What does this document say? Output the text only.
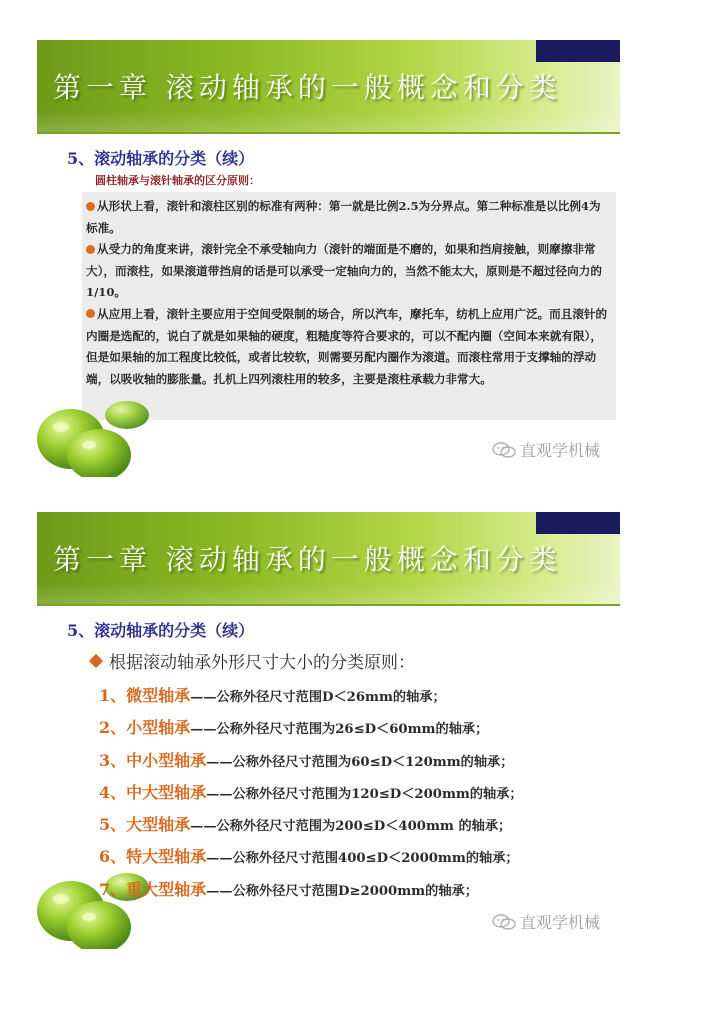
第一章 滚动轴承的一般概念和分类
5、滚动轴承的分类（续）
圆柱轴承与滚针轴承的区分原则：

从形状上看，滚针和滚柱区别的标准有两种：第一就是比例2.5为分界点。第二种标准是以比例4为标准。

从受力的角度来讲，滚针完全不承受轴向力（滚针的端面是不磨的，如果和挡肩接触，则摩擦非常大），而滚柱，如果滚道带挡肩的话是可以承受一定轴向力的，当然不能太大，原则是不超过径向力的1/10。

从应用上看，滚针主要应用于空间受限制的场合，所以汽车，摩托车，纺机上应用广泛。而且滚针的内圈是选配的，说白了就是如果轴的硬度，粗糙度等符合要求的，可以不配内圈（空间本来就有限），但是如果轴的加工程度比较低，或者比较软，则需要另配内圈作为滚道。而滚柱常用于支撑轴的浮动端，以吸收轴的膨胀量。扎机上四列滚柱用的较多，主要是滚柱承载力非常大。

直观学机械
第一章 滚动轴承的一般概念和分类
5、滚动轴承的分类（续）
根据滚动轴承外形尺寸大小的分类原则：
1、微型轴承——公称外径尺寸范围D＜26mm的轴承；
2、小型轴承——公称外径尺寸范围为26≤D＜60mm的轴承；
3、中小型轴承——公称外径尺寸范围为60≤D＜120mm的轴承；
4、中大型轴承——公称外径尺寸范围为120≤D＜200mm的轴承；
5、大型轴承——公称外径尺寸范围为200≤D＜400mm 的轴承；
6、特大型轴承——公称外径尺寸范围400≤D＜2000mm的轴承；
7、重大型轴承——公称外径尺寸范围D≥2000mm的轴承；
直观学机械
